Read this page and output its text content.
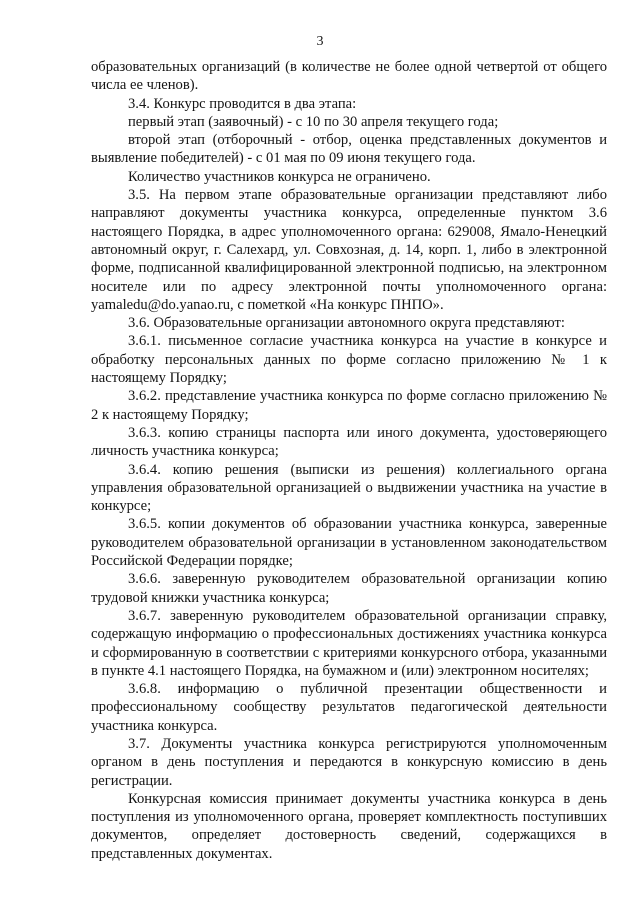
3

образовательных организаций (в количестве не более одной четвертой от общего числа ее членов).

3.4. Конкурс проводится в два этапа:

первый этап (заявочный) - с 10 по 30 апреля текущего года;

второй этап (отборочный - отбор, оценка представленных документов и выявление победителей) - с 01 мая по 09 июня текущего года.

Количество участников конкурса не ограничено.

3.5. На первом этапе образовательные организации представляют либо направляют документы участника конкурса, определенные пунктом 3.6 настоящего Порядка, в адрес уполномоченного органа: 629008, Ямало-Ненецкий автономный округ, г. Салехард, ул. Совхозная, д. 14, корп. 1, либо в электронной форме, подписанной квалифицированной электронной подписью, на электронном носителе или по адресу электронной почты уполномоченного органа: yamaledu@do.yanao.ru, с пометкой «На конкурс ПНПО».

3.6. Образовательные организации автономного округа представляют:

3.6.1. письменное согласие участника конкурса на участие в конкурсе и обработку персональных данных по форме согласно приложению № 1 к настоящему Порядку;

3.6.2. представление участника конкурса по форме согласно приложению № 2 к настоящему Порядку;

3.6.3. копию страницы паспорта или иного документа, удостоверяющего личность участника конкурса;

3.6.4. копию решения (выписки из решения) коллегиального органа управления образовательной организацией о выдвижении участника на участие в конкурсе;

3.6.5. копии документов об образовании участника конкурса, заверенные руководителем образовательной организации в установленном законодательством Российской Федерации порядке;

3.6.6. заверенную руководителем образовательной организации копию трудовой книжки участника конкурса;

3.6.7. заверенную руководителем образовательной организации справку, содержащую информацию о профессиональных достижениях участника конкурса и сформированную в соответствии с критериями конкурсного отбора, указанными в пункте 4.1 настоящего Порядка, на бумажном и (или) электронном носителях;

3.6.8. информацию о публичной презентации общественности и профессиональному сообществу результатов педагогической деятельности участника конкурса.

3.7. Документы участника конкурса регистрируются уполномоченным органом в день поступления и передаются в конкурсную комиссию в день регистрации.

Конкурсная комиссия принимает документы участника конкурса в день поступления из уполномоченного органа, проверяет комплектность поступивших документов, определяет достоверность сведений, содержащихся в представленных документах.
